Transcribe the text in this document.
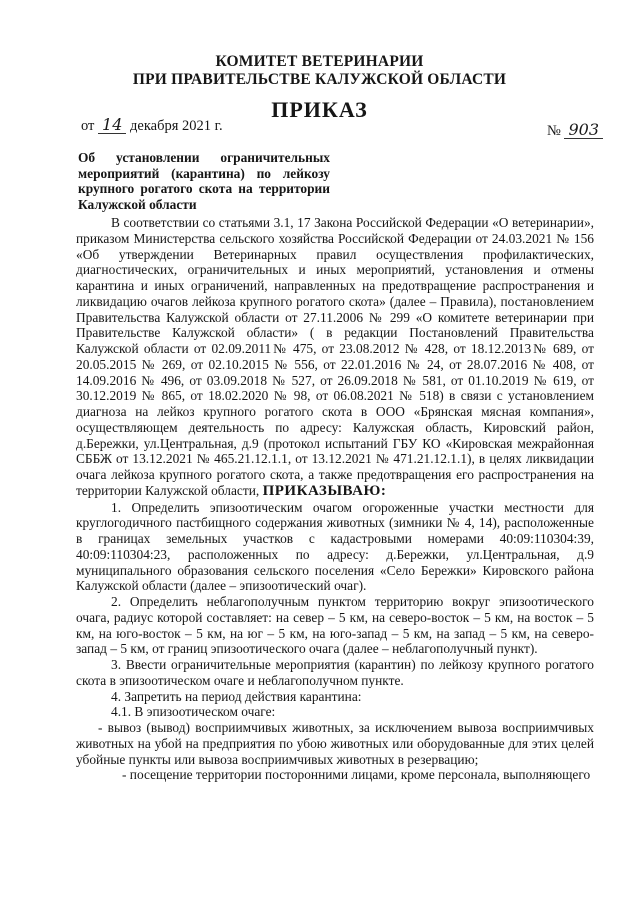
КОМИТЕТ ВЕТЕРИНАРИИ
ПРИ ПРАВИТЕЛЬСТВЕ КАЛУЖСКОЙ ОБЛАСТИ
ПРИКАЗ
от 14 декабря 2021 г.	№ 903
Об установлении ограничительных мероприятий (карантина) по лейкозу крупного рогатого скота на территории Калужской области

В соответствии со статьями 3.1, 17 Закона Российской Федерации «О ветеринарии», приказом Министерства сельского хозяйства Российской Федерации от 24.03.2021 № 156 «Об утверждении Ветеринарных правил осуществления профилактических, диагностических, ограничительных и иных мероприятий, установления и отмены карантина и иных ограничений, направленных на предотвращение распространения и ликвидацию очагов лейкоза крупного рогатого скота» (далее – Правила), постановлением Правительства Калужской области от 27.11.2006 № 299 «О комитете ветеринарии при Правительстве Калужской области» ( в редакции Постановлений Правительства Калужской области от 02.09.2011№ 475, от 23.08.2012 № 428, от 18.12.2013№ 689, от 20.05.2015 № 269, от 02.10.2015 № 556, от 22.01.2016 № 24, от 28.07.2016 № 408, от 14.09.2016 № 496, от 03.09.2018 № 527, от 26.09.2018 № 581, от 01.10.2019 № 619, от 30.12.2019 № 865, от 18.02.2020 № 98, от 06.08.2021 № 518) в связи с установлением диагноза на лейкоз крупного рогатого скота в ООО «Брянская мясная компания», осуществляющем деятельность по адресу: Калужская область, Кировский район, д.Бережки, ул.Центральная, д.9 (протокол испытаний ГБУ КО «Кировская межрайонная СББЖ от 13.12.2021 № 465.21.12.1.1, от 13.12.2021 № 471.21.12.1.1), в целях ликвидации очага лейкоза крупного рогатого скота, а также предотвращения его распространения на территории Калужской области, ПРИКАЗЫВАЮ:

1. Определить эпизоотическим очагом огороженные участки местности для круглогодичного пастбищного содержания животных (зимники № 4, 14), расположенные в границах земельных участков с кадастровыми номерами 40:09:110304:39, 40:09:110304:23, расположенных по адресу: д.Бережки, ул.Центральная, д.9 муниципального образования сельского поселения «Село Бережки» Кировского района Калужской области (далее – эпизоотический очаг).

2. Определить неблагополучным пунктом территорию вокруг эпизоотического очага, радиус которой составляет: на север – 5 км, на северо-восток – 5 км, на восток – 5 км, на юго-восток – 5 км, на юг – 5 км, на юго-запад – 5 км, на запад – 5 км, на северо-запад – 5 км, от границ эпизоотического очага (далее – неблагополучный пункт).

3. Ввести ограничительные мероприятия (карантин) по лейкозу крупного рогатого скота в эпизоотическом очаге и неблагополучном пункте.

4. Запретить на период действия карантина:

4.1. В эпизоотическом очаге:

- вывоз (вывод) восприимчивых животных, за исключением вывоза восприимчивых животных на убой на предприятия по убою животных или оборудованные для этих целей убойные пункты или вывоза восприимчивых животных в резервацию;

- посещение территории посторонними лицами, кроме персонала, выполняющего
